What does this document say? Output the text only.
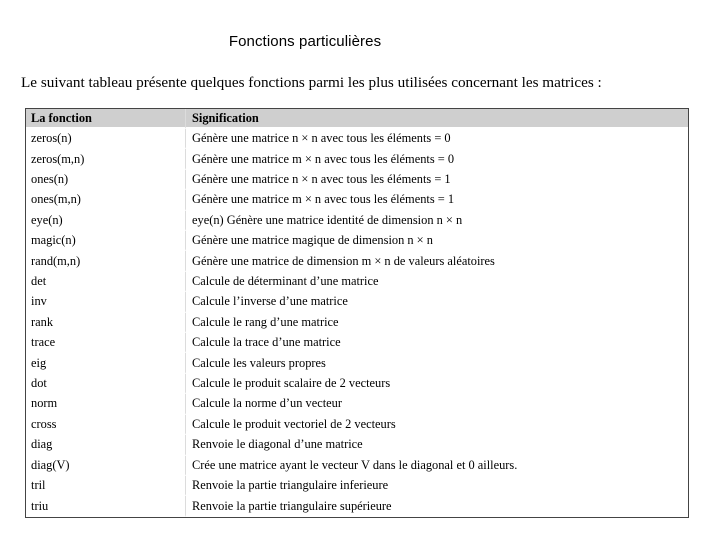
Fonctions particulières
Le suivant tableau présente quelques fonctions parmi les plus utilisées concernant les matrices :
La fonction	Signification
zeros(n)	Génère une matrice n × n avec tous les éléments = 0
zeros(m,n)	Génère une matrice m × n avec tous les éléments = 0
ones(n)	Génère une matrice n × n avec tous les éléments = 1
ones(m,n)	Génère une matrice m × n avec tous les éléments = 1
eye(n)	eye(n) Génère une matrice identité de dimension n × n
magic(n)	Génère une matrice magique de dimension n × n
rand(m,n)	Génère une matrice de dimension m × n de valeurs aléatoires
det	Calcule de déterminant d’une matrice
inv	Calcule l’inverse d’une matrice
rank	Calcule le rang d’une matrice
trace	Calcule la trace d’une matrice
eig	Calcule les valeurs propres
dot	Calcule le produit scalaire de 2 vecteurs
norm	Calcule la norme d’un vecteur
cross	Calcule le produit vectoriel de 2 vecteurs
diag	Renvoie le diagonal d’une matrice
diag(V)	Crée une matrice ayant le vecteur V dans le diagonal et 0 ailleurs.
tril	Renvoie la partie triangulaire inferieure
triu	Renvoie la partie triangulaire supérieure
